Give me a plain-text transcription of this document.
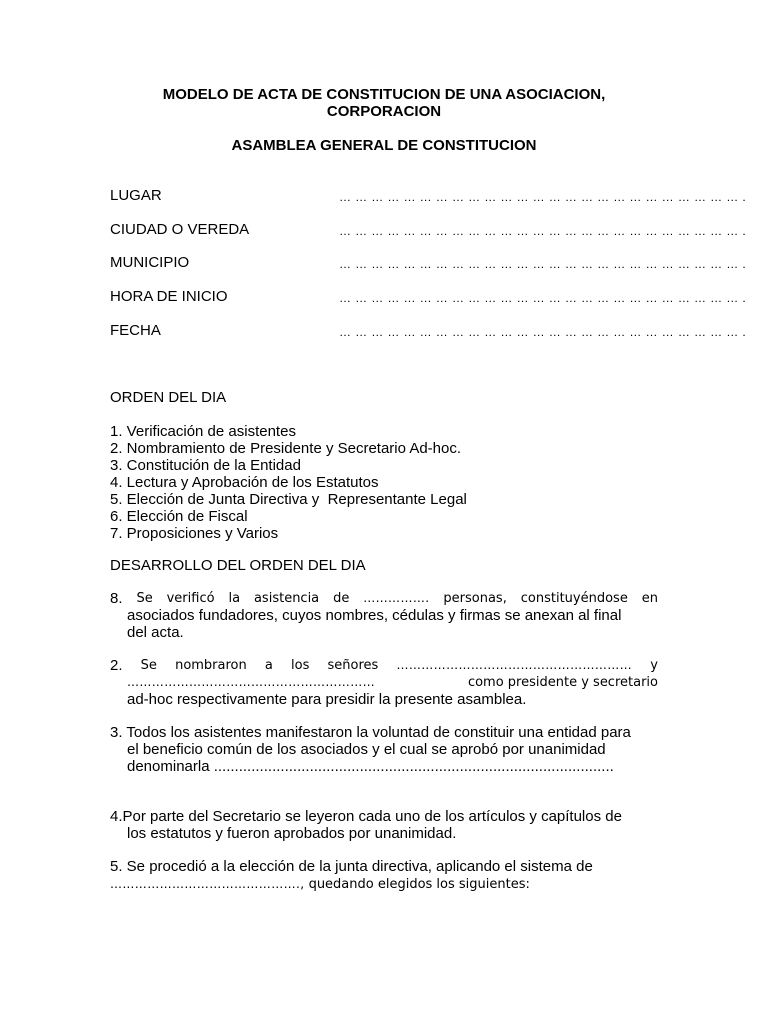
MODELO DE ACTA DE CONSTITUCION DE UNA ASOCIACION,
CORPORACION
ASAMBLEA GENERAL DE CONSTITUCION
LUGAR	… … … … … … … … … … … … … … … … … … … … … … … … … .
CIUDAD O VEREDA	… … … … … … … … … … … … … … … … … … … … … … … … … .
MUNICIPIO	… … … … … … … … … … … … … … … … … … … … … … … … … .
HORA DE INICIO	… … … … … … … … … … … … … … … … … … … … … … … … … .
FECHA	… … … … … … … … … … … … … … … … … … … … … … … … … .
ORDEN DEL DIA
1. Verificación de asistentes
2. Nombramiento de Presidente y Secretario Ad-hoc.
3. Constitución de la Entidad
4. Lectura y Aprobación de los Estatutos
5. Elección de Junta Directiva y  Representante Legal
6. Elección de Fiscal
7. Proposiciones y Varios
DESARROLLO DEL ORDEN DEL DIA
8. Se verificó la asistencia de ……………. personas, constituyéndose en
asociados fundadores, cuyos nombres, cédulas y firmas se anexan al final
del acta.
2. Se nombraron a los señores ………………………………………………… y
……………………………………………………	como presidente y secretario
ad-hoc respectivamente para presidir la presente asamblea.
3. Todos los asistentes manifestaron la voluntad de constituir una entidad para
el beneficio común de los asociados y el cual se aprobó por unanimidad
denominarla ................................................................................................
4.Por parte del Secretario se leyeron cada uno de los artículos y capítulos de
los estatutos y fueron aprobados por unanimidad.
5. Se procedió a la elección de la junta directiva, aplicando el sistema de
………………………………………., quedando elegidos los siguientes:
